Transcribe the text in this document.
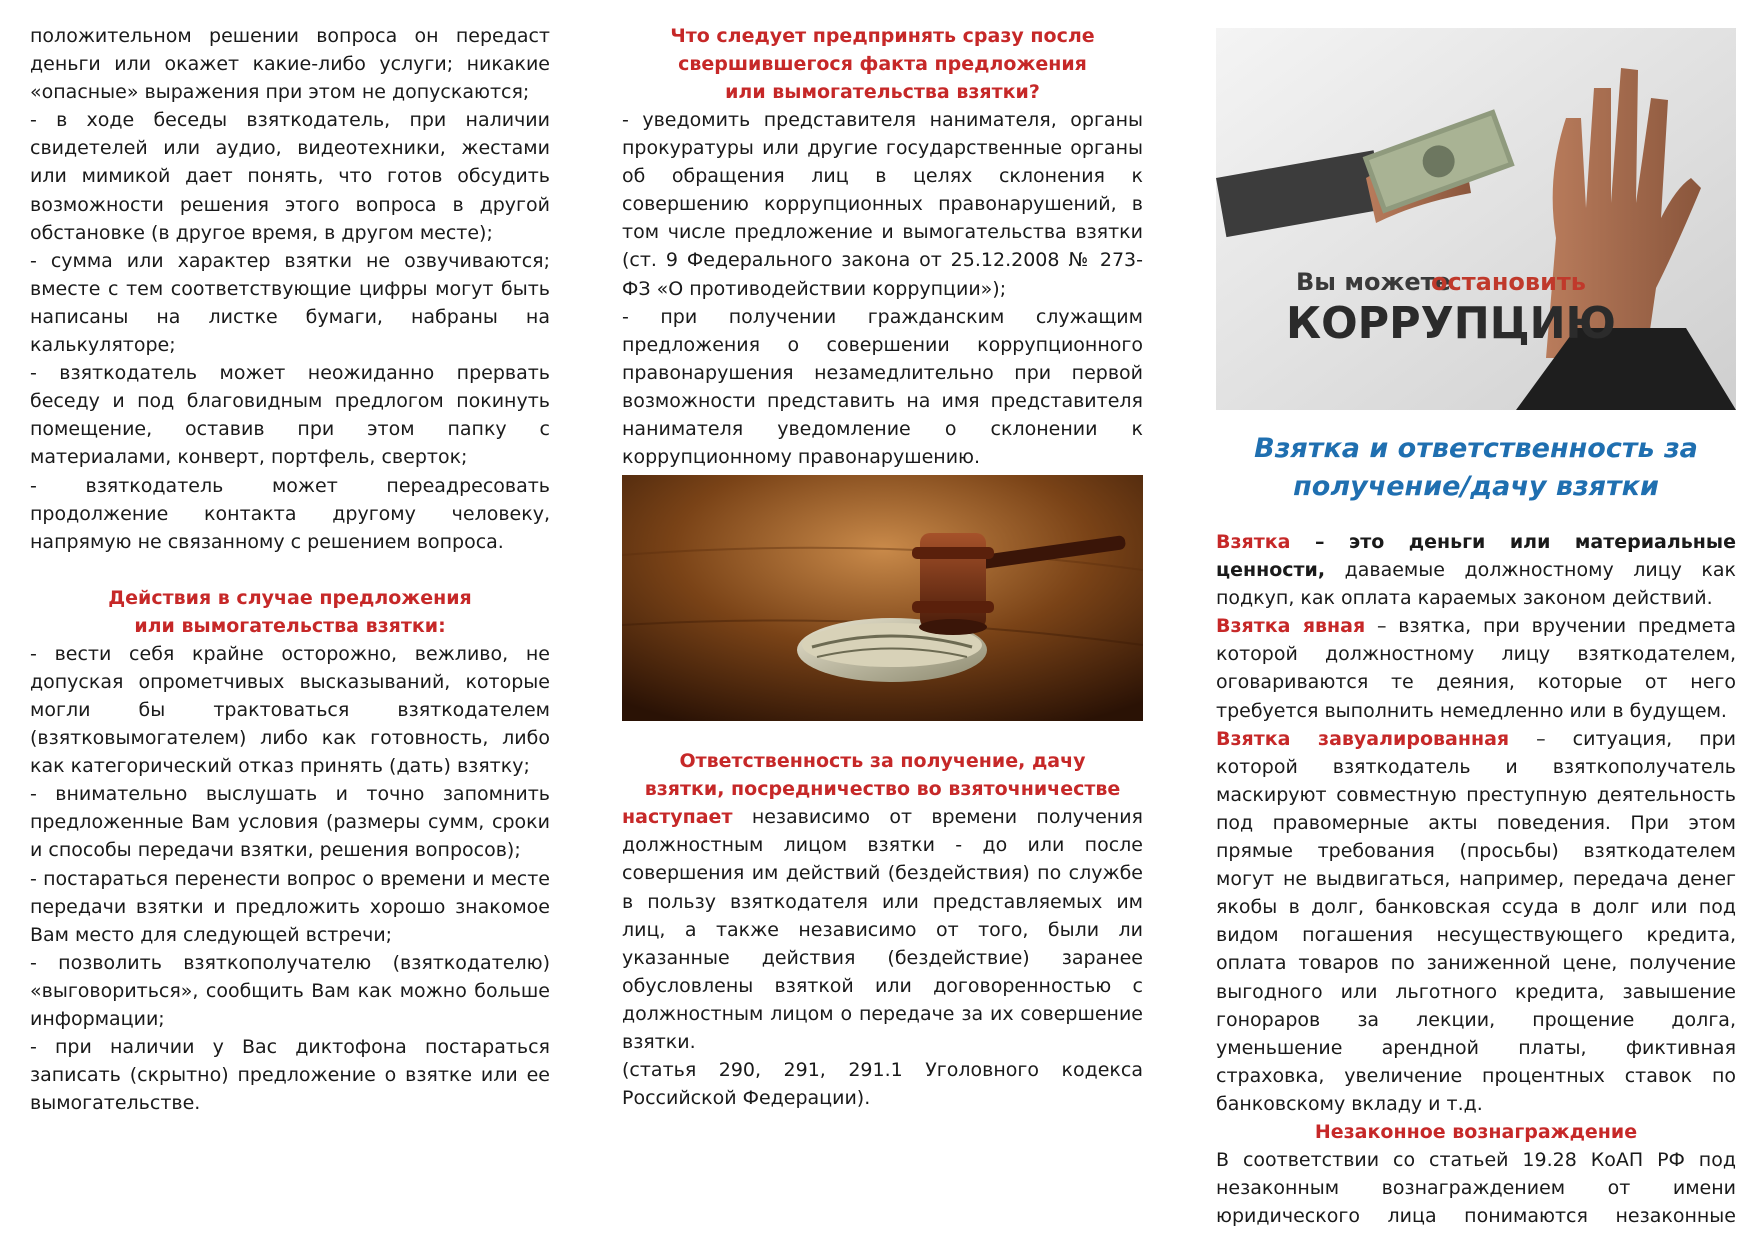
положительном решении вопроса он передаст деньги или окажет какие-либо услуги; никакие «опасные» выражения при этом не допускаются;

- в ходе беседы взяткодатель, при наличии свидетелей или аудио, видеотехники, жестами или мимикой дает понять, что готов обсудить возможности решения этого вопроса в другой обстановке (в другое время, в другом месте);

- сумма или характер взятки не озвучиваются; вместе с тем соответствующие цифры могут быть написаны на листке бумаги, набраны на калькуляторе;

- взяткодатель может неожиданно прервать беседу и под благовидным предлогом покинуть помещение, оставив при этом папку с материалами, конверт, портфель, сверток;

- взяткодатель может переадресовать продолжение контакта другому человеку, напрямую не связанному с решением вопроса.

Действия в случае предложения или вымогательства взятки:

- вести себя крайне осторожно, вежливо, не допуская опрометчивых высказываний, которые могли бы трактоваться взяткодателем (взятковымогателем) либо как готовность, либо как категорический отказ принять (дать) взятку;

- внимательно выслушать и точно запомнить предложенные Вам условия (размеры сумм, сроки и способы передачи взятки, решения вопросов);

- постараться перенести вопрос о времени и месте передачи взятки и предложить хорошо знакомое Вам место для следующей встречи;

- позволить взяткополучателю (взяткодателю) «выговориться», сообщить Вам как можно больше информации;

- при наличии у Вас диктофона постараться записать (скрытно) предложение о взятке или ее вымогательстве.

Что следует предпринять сразу после свершившегося факта предложения или вымогательства взятки?

- уведомить представителя нанимателя, органы прокуратуры или другие государственные органы об обращения лиц в целях склонения к совершению коррупционных правонарушений, в том числе предложение и вымогательства взятки (ст. 9 Федерального закона от 25.12.2008 № 273-ФЗ «О противодействии коррупции»);

- при получении гражданским служащим предложения о совершении коррупционного правонарушения незамедлительно при первой возможности представить на имя представителя нанимателя уведомление о склонении к коррупционному правонарушению.

Ответственность за получение, дачу взятки, посредничество во взяточничестве

наступает независимо от времени получения должностным лицом взятки - до или после совершения им действий (бездействия) по службе в пользу взяткодателя или представляемых им лиц, а также независимо от того, были ли указанные действия (бездействие) заранее обусловлены взяткой или договоренностью с должностным лицом о передаче за их совершение взятки.

(статья 290, 291, 291.1 Уголовного кодекса Российской Федерации).

Вы можете
остановить
КОРРУПЦИЮ

Взятка и ответственность за получение/дачу взятки

Взятка – это деньги или материальные ценности, даваемые должностному лицу как подкуп, как оплата караемых законом действий.

Взятка явная – взятка, при вручении предмета которой должностному лицу взяткодателем, оговариваются те деяния, которые от него требуется выполнить немедленно или в будущем.

Взятка завуалированная – ситуация, при которой взяткодатель и взяткополучатель маскируют совместную преступную деятельность под правомерные акты поведения. При этом прямые требования (просьбы) взяткодателем могут не выдвигаться, например, передача денег якобы в долг, банковская ссуда в долг или под видом погашения несуществующего кредита, оплата товаров по заниженной цене, получение выгодного или льготного кредита, завышение гонораров за лекции, прощение долга, уменьшение арендной платы, фиктивная страховка, увеличение процентных ставок по банковскому вкладу и т.д.

Незаконное вознаграждение

В соответствии со статьей 19.28 КоАП РФ под незаконным вознаграждением от имени юридического лица понимаются незаконные
